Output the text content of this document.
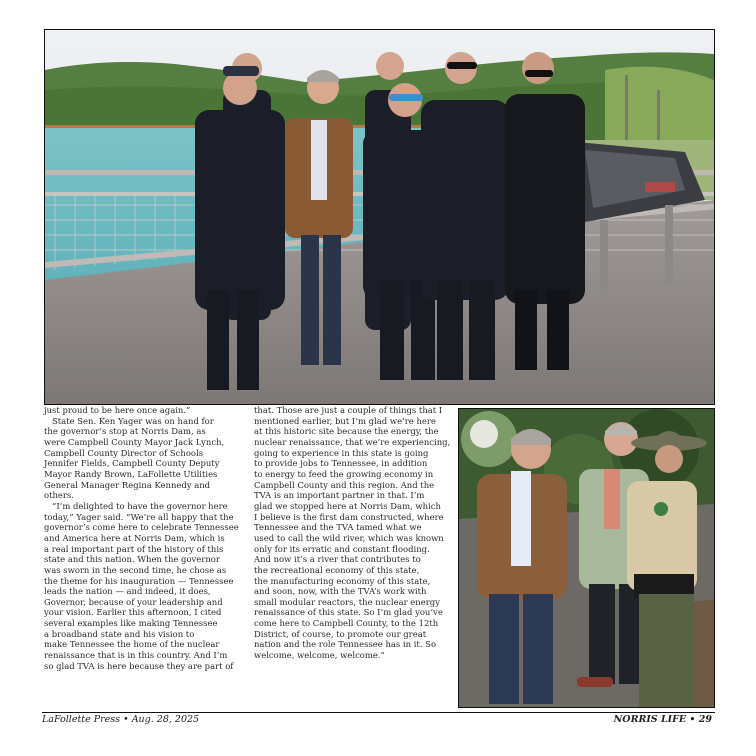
just proud to be here once again.”

State Sen. Ken Yager was on hand for
the governor’s stop at Norris Dam, as
were Campbell County Mayor Jack Lynch,
Campbell County Director of Schools
Jennifer Fields, Campbell County Deputy
Mayor Randy Brown, LaFollette Utilities
General Manager Regina Kennedy and
others.

“I’m delighted to have the governor here
today,” Yager said. “We’re all happy that the
governor’s come here to celebrate Tennessee
and America here at Norris Dam, which is
a real important part of the history of this
state and this nation. When the governor
was sworn in the second time, he chose as
the theme for his inauguration — Tennessee
leads the nation — and indeed, it does,
Governor, because of your leadership and
your vision. Earlier this afternoon, I cited
several examples like making Tennessee
a broadband state and his vision to
make Tennessee the home of the nuclear
renaissance that is in this country. And I’m
so glad TVA is here because they are part of

that. Those are just a couple of things that I
mentioned earlier, but I’m glad we’re here
at this historic site because the energy, the
nuclear renaissance, that we’re experiencing,
going to experience in this state is going
to provide jobs to Tennessee, in addition
to energy to feed the growing economy in
Campbell County and this region. And the
TVA is an important partner in that. I’m
glad we stopped here at Norris Dam, which
I believe is the first dam constructed, where
Tennessee and the TVA tamed what we
used to call the wild river, which was known
only for its erratic and constant flooding.
And now it’s a river that contributes to
the recreational economy of this state,
the manufacturing economy of this state,
and soon, now, with the TVA’s work with
small modular reactors, the nuclear energy
renaissance of this state. So I’m glad you’ve
come here to Campbell County, to the 12th
District, of course, to promote our great
nation and the role Tennessee has in it. So
welcome, welcome, welcome.”

LaFollette Press • Aug. 28, 2025	NORRIS LIFE • 29
